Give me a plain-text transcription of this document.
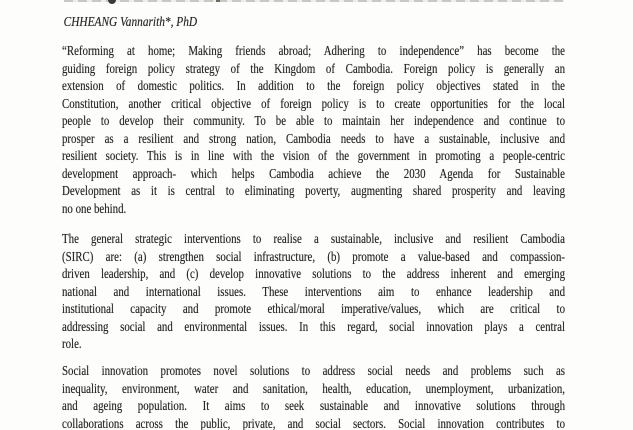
CHHEANG Vannarith*, PhD
“Reforming at home; Making friends abroad; Adhering to independence” has become the
guiding foreign policy strategy of the Kingdom of Cambodia. Foreign policy is generally an
extension of domestic politics. In addition to the foreign policy objectives stated in the
Constitution, another critical objective of foreign policy is to create opportunities for the local
people to develop their community. To be able to maintain her independence and continue to
prosper as a resilient and strong nation, Cambodia needs to have a sustainable, inclusive and
resilient society. This is in line with the vision of the government in promoting a people-centric
development approach- which helps Cambodia achieve the 2030 Agenda for Sustainable
Development as it is central to eliminating poverty, augmenting shared prosperity and leaving
no one behind.
The general strategic interventions to realise a sustainable, inclusive and resilient Cambodia
(SIRC) are: (a) strengthen social infrastructure, (b) promote a value-based and compassion-
driven leadership, and (c) develop innovative solutions to the address inherent and emerging
national and international issues. These interventions aim to enhance leadership and
institutional capacity and promote ethical/moral imperative/values, which are critical to
addressing social and environmental issues. In this regard, social innovation plays a central
role.
Social innovation promotes novel solutions to address social needs and problems such as
inequality, environment, water and sanitation, health, education, unemployment, urbanization,
and ageing population. It aims to seek sustainable and innovative solutions through
collaborations across the public, private, and social sectors. Social innovation contributes to
